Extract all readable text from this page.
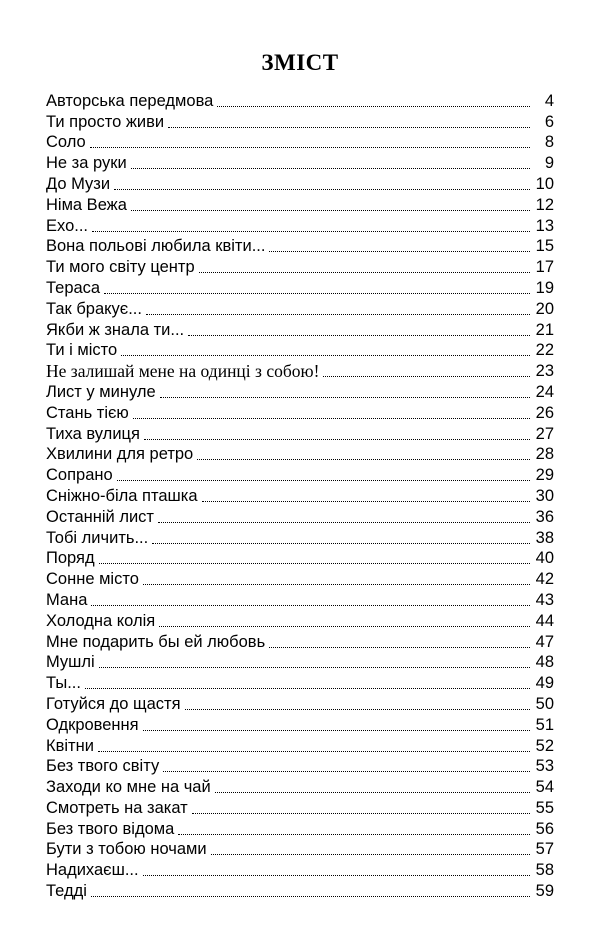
ЗМІСТ
Авторська передмова	4
Ти просто живи	6
Соло	8
Не за руки	9
До Музи	10
Німа Вежа	12
Ехо...	13
Вона польові любила квіти...	15
Ти мого світу центр	17
Тераса	19
Так бракує...	20
Якби ж знала ти...	21
Ти і місто	22
Не залишай мене на одинці з собою!	23
Лист у минуле	24
Стань тією	26
Тиха вулиця	27
Хвилини для ретро	28
Сопрано	29
Сніжно-біла пташка	30
Останній лист	36
Тобі личить...	38
Поряд	40
Сонне місто	42
Мана	43
Холодна колія	44
Мне подарить бы ей любовь	47
Мушлі	48
Ты...	49
Готуйся до щастя	50
Одкровення	51
Квітни	52
Без твого світу	53
Заходи ко мне на чай	54
Смотреть на закат	55
Без твого відома	56
Бути з тобою ночами	57
Надихаєш...	58
Тедді	59
